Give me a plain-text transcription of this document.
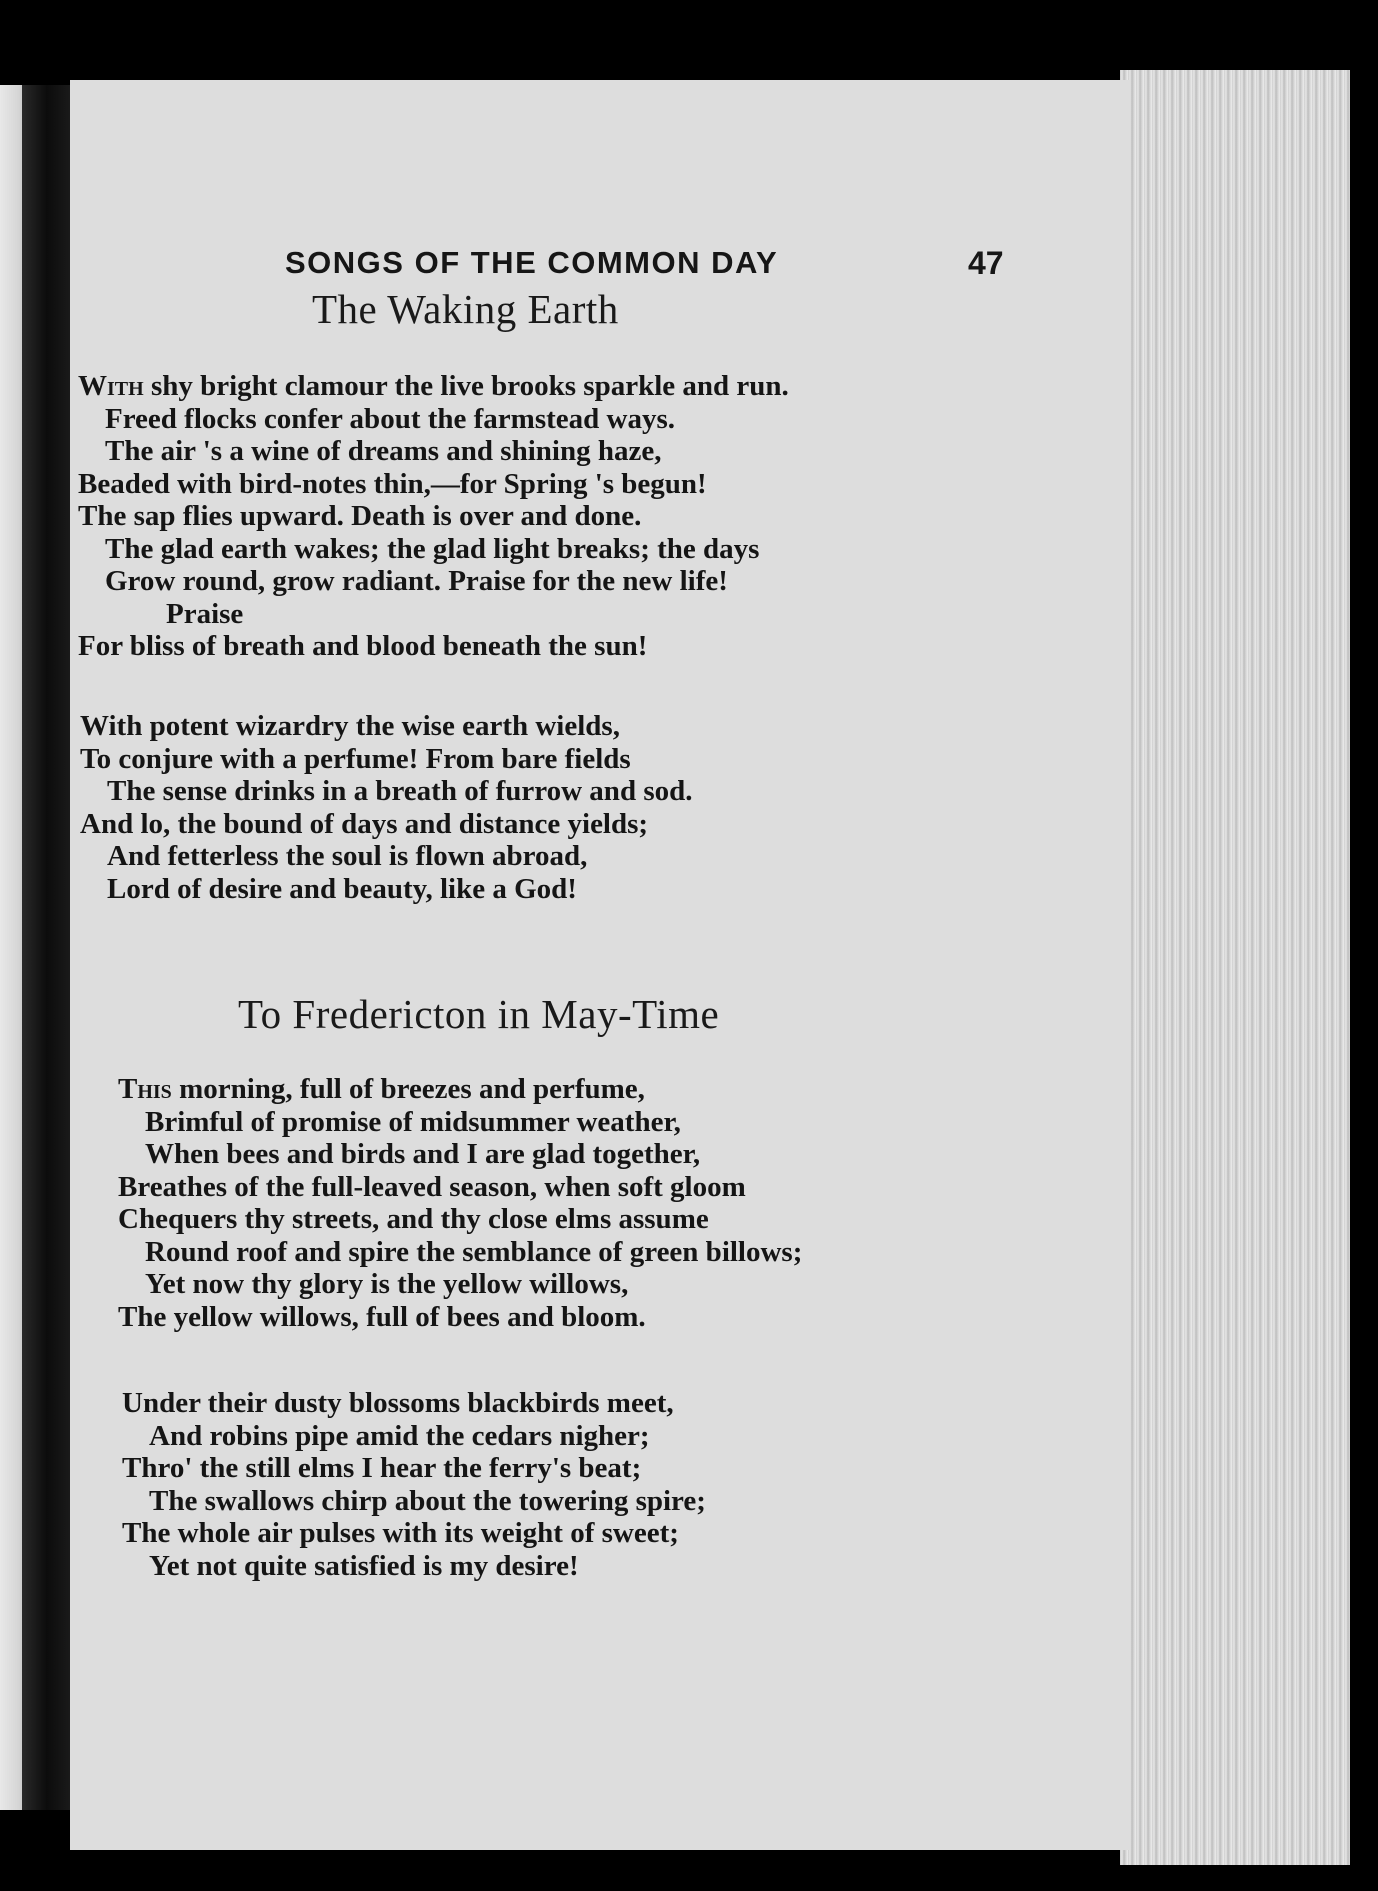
SONGS OF THE COMMON DAY	47
The Waking Earth
With shy bright clamour the live brooks sparkle and run.
Freed flocks confer about the farmstead ways.
The air 's a wine of dreams and shining haze,
Beaded with bird-notes thin,—for Spring 's begun!
The sap flies upward. Death is over and done.
The glad earth wakes; the glad light breaks; the days
Grow round, grow radiant. Praise for the new life!
Praise
For bliss of breath and blood beneath the sun!
With potent wizardry the wise earth wields,
To conjure with a perfume! From bare fields
The sense drinks in a breath of furrow and sod.
And lo, the bound of days and distance yields;
And fetterless the soul is flown abroad,
Lord of desire and beauty, like a God!
To Fredericton in May-Time
This morning, full of breezes and perfume,
Brimful of promise of midsummer weather,
When bees and birds and I are glad together,
Breathes of the full-leaved season, when soft gloom
Chequers thy streets, and thy close elms assume
Round roof and spire the semblance of green billows;
Yet now thy glory is the yellow willows,
The yellow willows, full of bees and bloom.
Under their dusty blossoms blackbirds meet,
And robins pipe amid the cedars nigher;
Thro' the still elms I hear the ferry's beat;
The swallows chirp about the towering spire;
The whole air pulses with its weight of sweet;
Yet not quite satisfied is my desire!
